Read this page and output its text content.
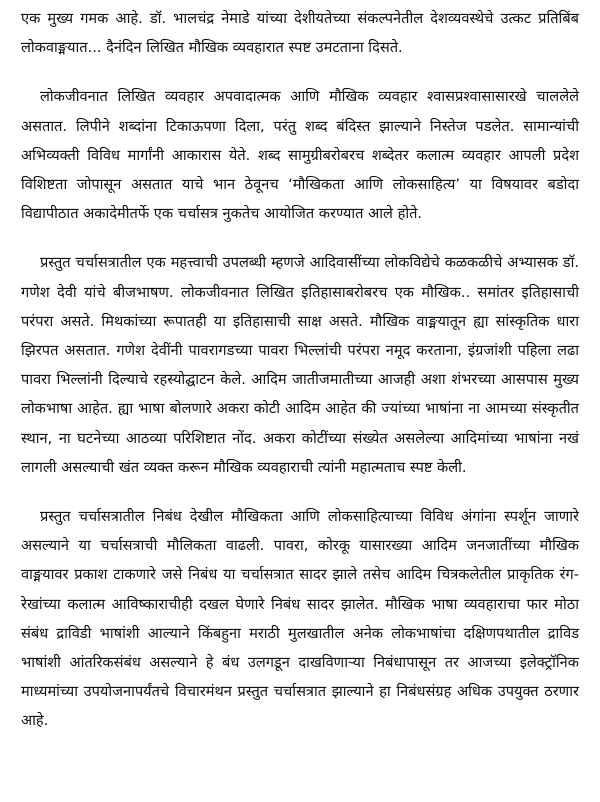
एक मुख्य गमक आहे. डॉ. भालचंद्र नेमाडे यांच्या देशीयतेच्या संकल्पनेतील देशव्यवस्थेचे उत्कट प्रतिबिंब लोकवाङ्मयात... दैनंदिन लिखित मौखिक व्यवहारात स्पष्ट उमटताना दिसते.

लोकजीवनात लिखित व्यवहार अपवादात्मक आणि मौखिक व्यवहार श्वासप्रश्वासासारखे चाललेले असतात. लिपीने शब्दांना टिकाऊपणा दिला, परंतु शब्द बंदिस्त झाल्याने निस्तेज पडलेत. सामान्यांची अभिव्यक्ती विविध मार्गांनी आकारास येते. शब्द सामुग्रीबरोबरच शब्देतर कलात्म व्यवहार आपली प्रदेश विशिष्टता जोपासून असतात याचे भान ठेवूनच ‘मौखिकता आणि लोकसाहित्य’ या विषयावर बडोदा विद्यापीठात अकादेमीतर्फे एक चर्चासत्र नुकतेच आयोजित करण्यात आले होते.

प्रस्तुत चर्चासत्रातील एक महत्त्वाची उपलब्धी म्हणजे आदिवासींच्या लोकविद्येचे कळकळीचे अभ्यासक डॉ. गणेश देवी यांचे बीजभाषण. लोकजीवनात लिखित इतिहासाबरोबरच एक मौखिक.. समांतर इतिहासाची परंपरा असते. मिथकांच्या रूपातही या इतिहासाची साक्ष असते. मौखिक वाङ्मयातून ह्या सांस्कृतिक धारा झिरपत असतात. गणेश देवींनी पावरागडच्या पावरा भिल्लांची परंपरा नमूद करताना, इंग्रजांशी पहिला लढा पावरा भिल्लांनी दिल्याचे रहस्योद्घाटन केले. आदिम जातीजमातीच्या आजही अशा शंभरच्या आसपास मुख्य लोकभाषा आहेत. ह्या भाषा बोलणारे अकरा कोटी आदिम आहेत की ज्यांच्या भाषांना ना आमच्या संस्कृतीत स्थान, ना घटनेच्या आठव्या परिशिष्टात नोंद. अकरा कोटींच्या संख्येत असलेल्या आदिमांच्या भाषांना नखं लागली असल्याची खंत व्यक्त करून मौखिक व्यवहाराची त्यांनी महात्मताच स्पष्ट केली.

प्रस्तुत चर्चासत्रातील निबंध देखील मौखिकता आणि लोकसाहित्याच्या विविध अंगांना स्पर्शून जाणारे असल्याने या चर्चासत्राची मौलिकता वाढली. पावरा, कोरकू यासारख्या आदिम जनजातींच्या मौखिक वाङ्मयावर प्रकाश टाकणारे जसे निबंध या चर्चासत्रात सादर झाले तसेच आदिम चित्रकलेतील प्राकृतिक रंग-रेखांच्या कलात्म आविष्काराचीही दखल घेणारे निबंध सादर झालेत. मौखिक भाषा व्यवहाराचा फार मोठा संबंध द्राविडी भाषांशी आल्याने किंबहुना मराठी मुलखातील अनेक लोकभाषांचा दक्षिणपथातील द्राविड भाषांशी आंतरिकसंबंध असल्याने हे बंध उलगडून दाखविणाऱ्या निबंधापासून तर आजच्या इलेक्ट्रॉनिक माध्यमांच्या उपयोजनापर्यंतचे विचारमंथन प्रस्तुत चर्चासत्रात झाल्याने हा निबंधसंग्रह अधिक उपयुक्त ठरणार आहे.
